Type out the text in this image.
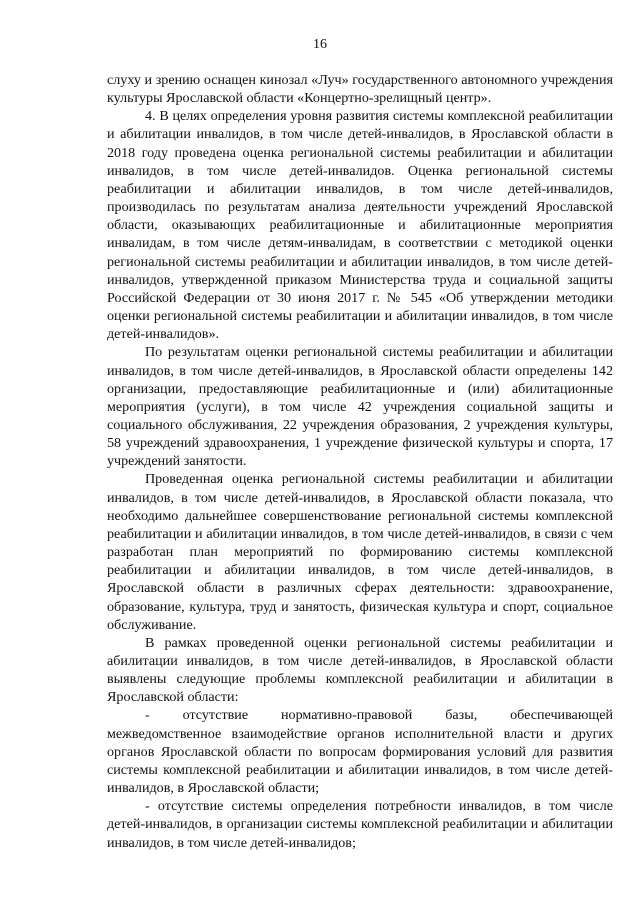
16

слуху и зрению оснащен кинозал «Луч» государственного автономного учреждения культуры Ярославской области «Концертно-зрелищный центр».

4. В целях определения уровня развития системы комплексной реабилитации и абилитации инвалидов, в том числе детей-инвалидов, в Ярославской области в 2018 году проведена оценка региональной системы реабилитации и абилитации инвалидов, в том числе детей-инвалидов. Оценка региональной системы реабилитации и абилитации инвалидов, в том числе детей-инвалидов, производилась по результатам анализа деятельности учреждений Ярославской области, оказывающих реабилитационные и абилитационные мероприятия инвалидам, в том числе детям-инвалидам, в соответствии с методикой оценки региональной системы реабилитации и абилитации инвалидов, в том числе детей-инвалидов, утвержденной приказом Министерства труда и социальной защиты Российской Федерации от 30 июня 2017 г. № 545 «Об утверждении методики оценки региональной системы реабилитации и абилитации инвалидов, в том числе детей-инвалидов».

По результатам оценки региональной системы реабилитации и абилитации инвалидов, в том числе детей-инвалидов, в Ярославской области определены 142 организации, предоставляющие реабилитационные и (или) абилитационные мероприятия (услуги), в том числе 42 учреждения социальной защиты и социального обслуживания, 22 учреждения образования, 2 учреждения культуры, 58 учреждений здравоохранения, 1 учреждение физической культуры и спорта, 17 учреждений занятости.

Проведенная оценка региональной системы реабилитации и абилитации инвалидов, в том числе детей-инвалидов, в Ярославской области показала, что необходимо дальнейшее совершенствование региональной системы комплексной реабилитации и абилитации инвалидов, в том числе детей-инвалидов, в связи с чем разработан план мероприятий по формированию системы комплексной реабилитации и абилитации инвалидов, в том числе детей-инвалидов, в Ярославской области в различных сферах деятельности: здравоохранение, образование, культура, труд и занятость, физическая культура и спорт, социальное обслуживание.

В рамках проведенной оценки региональной системы реабилитации и абилитации инвалидов, в том числе детей-инвалидов, в Ярославской области выявлены следующие проблемы комплексной реабилитации и абилитации в Ярославской области:

- отсутствие нормативно-правовой базы, обеспечивающей межведомственное взаимодействие органов исполнительной власти и других органов Ярославской области по вопросам формирования условий для развития системы комплексной реабилитации и абилитации инвалидов, в том числе детей-инвалидов, в Ярославской области;

- отсутствие системы определения потребности инвалидов, в том числе детей-инвалидов, в организации системы комплексной реабилитации и абилитации инвалидов, в том числе детей-инвалидов;
